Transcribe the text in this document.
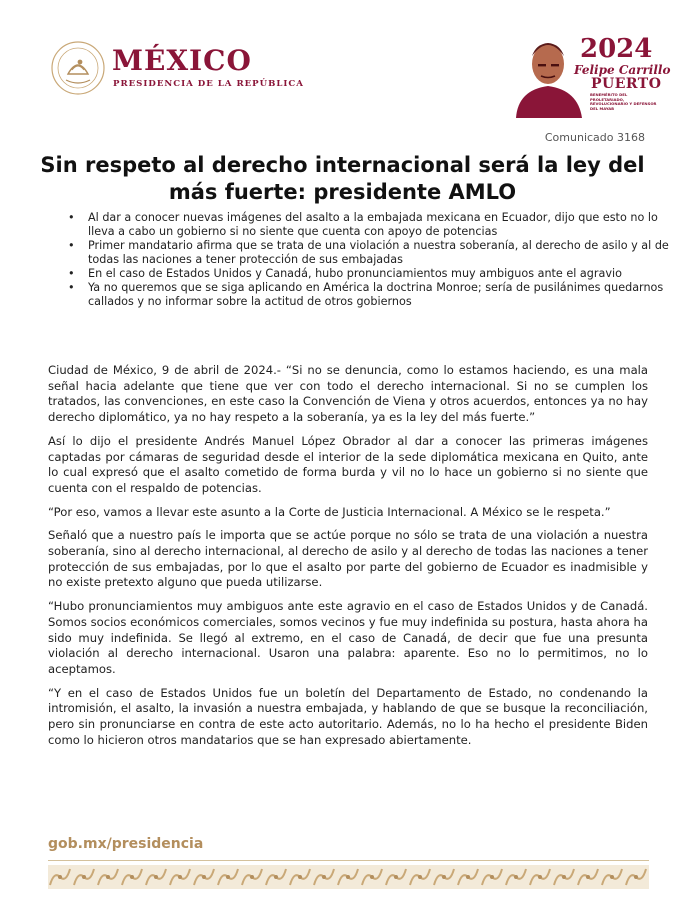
MÉXICO
PRESIDENCIA DE LA REPÚBLICA
2024
Felipe Carrillo
PUERTO
BENEMÉRITO DEL PROLETARIADO, REVOLUCIONARIO Y DEFENSOR DEL MAYAB
Comunicado 3168
Sin respeto al derecho internacional será la ley del más fuerte: presidente AMLO
• Al dar a conocer nuevas imágenes del asalto a la embajada mexicana en Ecuador, dijo que esto no lo lleva a cabo un gobierno si no siente que cuenta con apoyo de potencias
• Primer mandatario afirma que se trata de una violación a nuestra soberanía, al derecho de asilo y al de todas las naciones a tener protección de sus embajadas
• En el caso de Estados Unidos y Canadá, hubo pronunciamientos muy ambiguos ante el agravio
• Ya no queremos que se siga aplicando en América la doctrina Monroe; sería de pusilánimes quedarnos callados y no informar sobre la actitud de otros gobiernos

Ciudad de México, 9 de abril de 2024.- “Si no se denuncia, como lo estamos haciendo, es una mala señal hacia adelante que tiene que ver con todo el derecho internacional. Si no se cumplen los tratados, las convenciones, en este caso la Convención de Viena y otros acuerdos, entonces ya no hay derecho diplomático, ya no hay respeto a la soberanía, ya es la ley del más fuerte.”

Así lo dijo el presidente Andrés Manuel López Obrador al dar a conocer las primeras imágenes captadas por cámaras de seguridad desde el interior de la sede diplomática mexicana en Quito, ante lo cual expresó que el asalto cometido de forma burda y vil no lo hace un gobierno si no siente que cuenta con el respaldo de potencias.

“Por eso, vamos a llevar este asunto a la Corte de Justicia Internacional. A México se le respeta.”

Señaló que a nuestro país le importa que se actúe porque no sólo se trata de una violación a nuestra soberanía, sino al derecho internacional, al derecho de asilo y al derecho de todas las naciones a tener protección de sus embajadas, por lo que el asalto por parte del gobierno de Ecuador es inadmisible y no existe pretexto alguno que pueda utilizarse.

“Hubo pronunciamientos muy ambiguos ante este agravio en el caso de Estados Unidos y de Canadá. Somos socios económicos comerciales, somos vecinos y fue muy indefinida su postura, hasta ahora ha sido muy indefinida. Se llegó al extremo, en el caso de Canadá, de decir que fue una presunta violación al derecho internacional. Usaron una palabra: aparente. Eso no lo permitimos, no lo aceptamos.

“Y en el caso de Estados Unidos fue un boletín del Departamento de Estado, no condenando la intromisión, el asalto, la invasión a nuestra embajada, y hablando de que se busque la reconciliación, pero sin pronunciarse en contra de este acto autoritario. Además, no lo ha hecho el presidente Biden como lo hicieron otros mandatarios que se han expresado abiertamente.

gob.mx/presidencia
